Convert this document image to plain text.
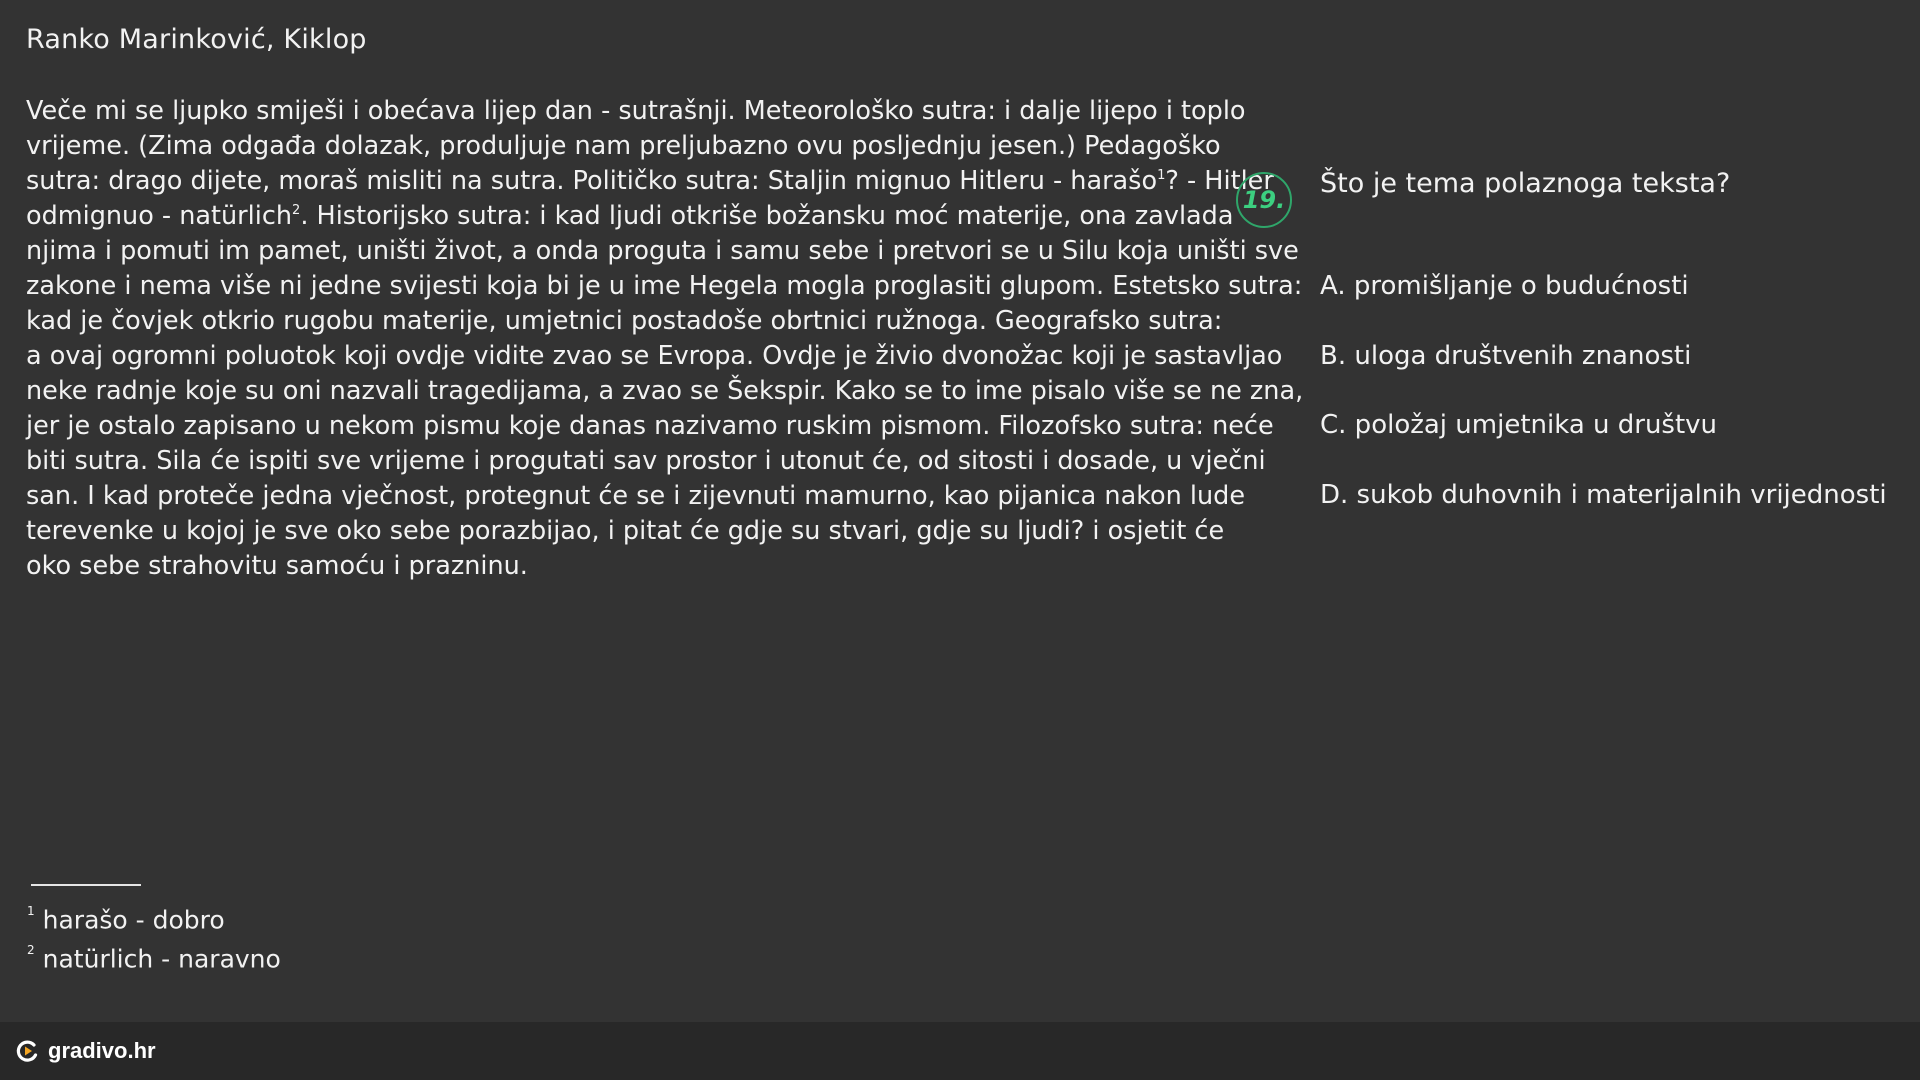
Ranko Marinković, Kiklop
Veče mi se ljupko smiješi i obećava lijep dan - sutrašnji. Meteorološko sutra: i dalje lijepo i toplo
vrijeme. (Zima odgađa dolazak, produljuje nam preljubazno ovu posljednju jesen.) Pedagoško
sutra: drago dijete, moraš misliti na sutra. Političko sutra: Staljin mignuo Hitleru - harašo$^1$? - Hitler
odmignuo - natürlich$^2$. Historijsko sutra: i kad ljudi otkriše božansku moć materije, ona zavlada
njima i pomuti im pamet, uništi život, a onda proguta i samu sebe i pretvori se u Silu koja uništi sve
zakone i nema više ni jedne svijesti koja bi je u ime Hegela mogla proglasiti glupom. Estetsko sutra:
kad je čovjek otkrio rugobu materije, umjetnici postadoše obrtnici ružnoga. Geografsko sutra:
a ovaj ogromni poluotok koji ovdje vidite zvao se Evropa. Ovdje je živio dvonožac koji je sastavljao
neke radnje koje su oni nazvali tragedijama, a zvao se Šekspir. Kako se to ime pisalo više se ne zna,
jer je ostalo zapisano u nekom pismu koje danas nazivamo ruskim pismom. Filozofsko sutra: neće
biti sutra. Sila će ispiti sve vrijeme i progutati sav prostor i utonut će, od sitosti i dosade, u vječni
san. I kad proteče jedna vječnost, protegnut će se i zijevnuti mamurno, kao pijanica nakon lude
terevenke u kojoj je sve oko sebe porazbijao, i pitat će gdje su stvari, gdje su ljudi? i osjetit će
oko sebe strahovitu samoću i prazninu.
19.
Što je tema polaznoga teksta?
A. promišljanje o budućnosti
B. uloga društvenih znanosti
C. položaj umjetnika u društvu
D. sukob duhovnih i materijalnih vrijednosti
$^1$ harašo - dobro
$^2$ natürlich - naravno
gradivo.hr
